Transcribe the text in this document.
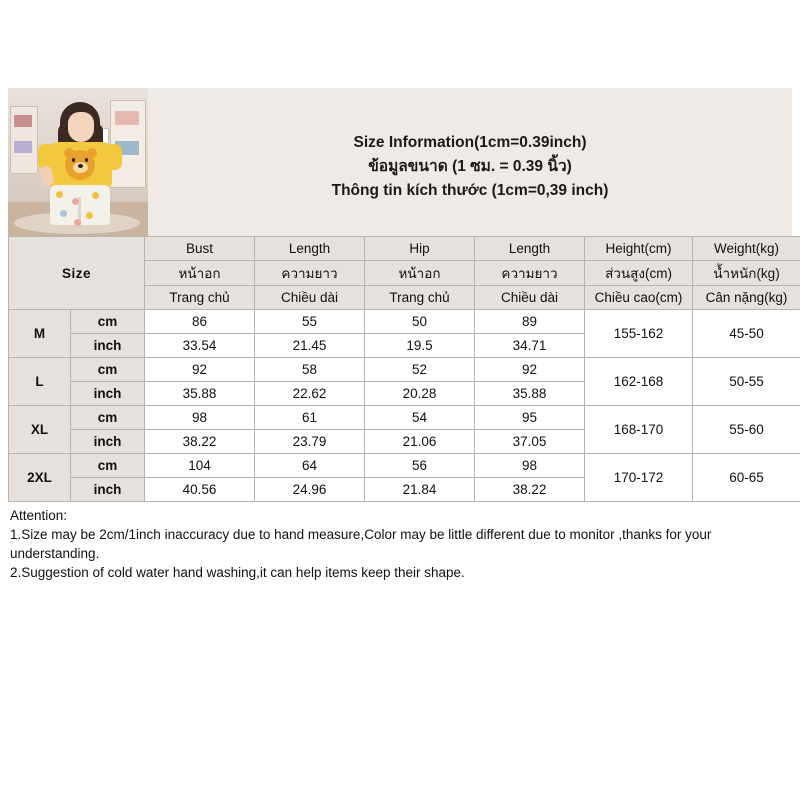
Size Information(1cm=0.39inch)
ข้อมูลขนาด (1 ซม. = 0.39 นิ้ว)
Thông tin kích thước (1cm=0,39 inch)
Size		Bust	Length	Hip	Length	Height(cm)	Weight(kg)
		หน้าอก	ความยาว	หน้าอก	ความยาว	ส่วนสูง(cm)	น้ำหนัก(kg)
		Trang chủ	Chiều dài	Trang chủ	Chiều dài	Chiều cao(cm)	Cân nặng(kg)
M	cm	86	55	50	89	155-162	45-50
	inch	33.54	21.45	19.5	34.71		
L	cm	92	58	52	92	162-168	50-55
	inch	35.88	22.62	20.28	35.88		
XL	cm	98	61	54	95	168-170	55-60
	inch	38.22	23.79	21.06	37.05		
2XL	cm	104	64	56	98	170-172	60-65
	inch	40.56	24.96	21.84	38.22		
Attention:
1.Size may be 2cm/1inch inaccuracy due to hand measure,Color may be little different due to monitor ,thanks for your understanding.
2.Suggestion of cold water hand washing,it can help items keep their shape.
